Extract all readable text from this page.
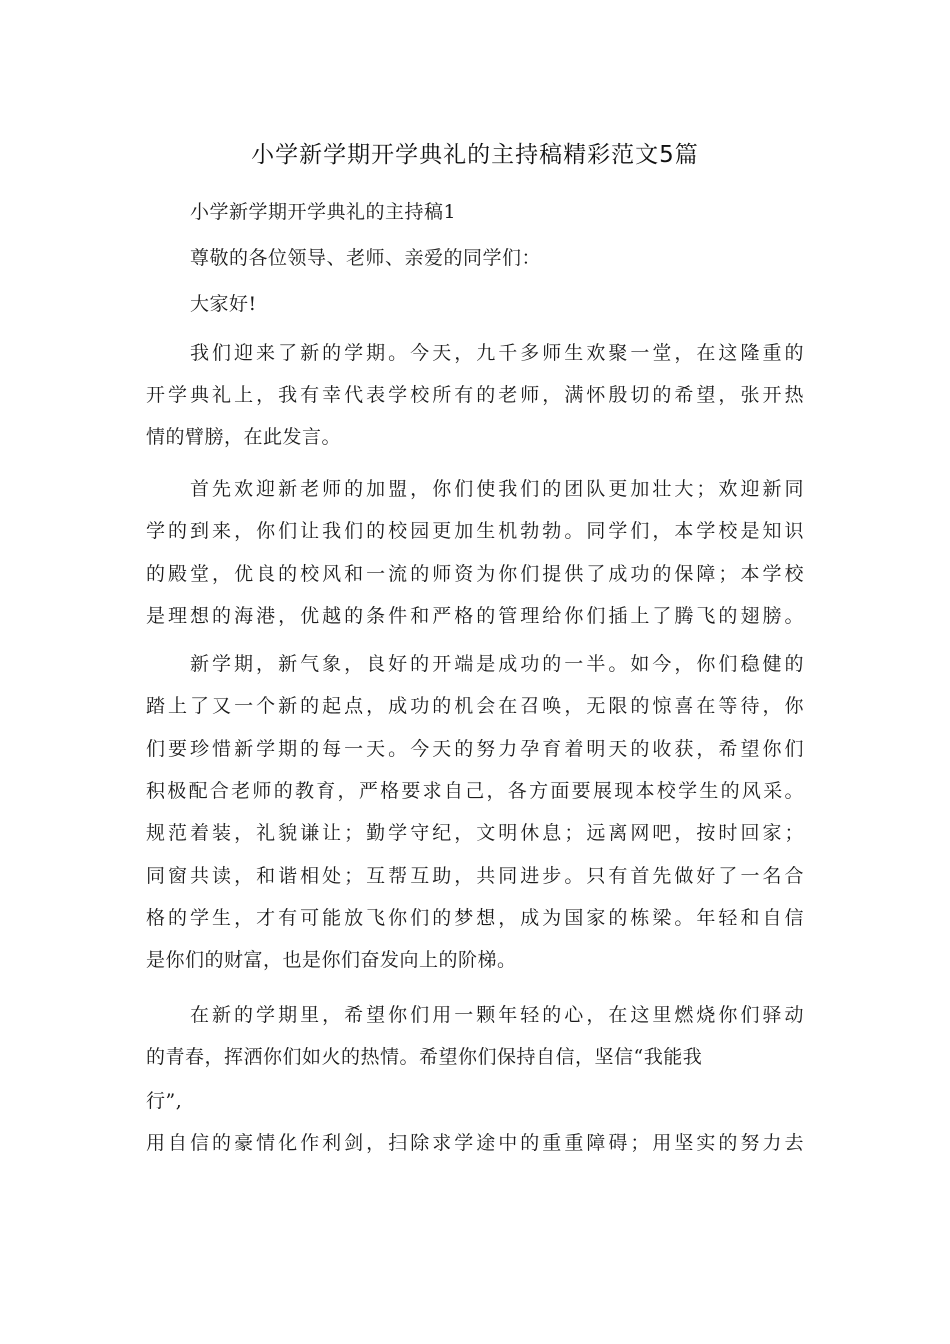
小学新学期开学典礼的主持稿精彩范文5篇
小学新学期开学典礼的主持稿1
尊敬的各位领导、老师、亲爱的同学们：
大家好!
我们迎来了新的学期。今天，九千多师生欢聚一堂，在这隆重的
开学典礼上，我有幸代表学校所有的老师，满怀殷切的希望，张开热
情的臂膀，在此发言。
首先欢迎新老师的加盟，你们使我们的团队更加壮大；欢迎新同
学的到来，你们让我们的校园更加生机勃勃。同学们，本学校是知识
的殿堂，优良的校风和一流的师资为你们提供了成功的保障；本学校
是理想的海港，优越的条件和严格的管理给你们插上了腾飞的翅膀。
新学期，新气象，良好的开端是成功的一半。如今，你们稳健的
踏上了又一个新的起点，成功的机会在召唤，无限的惊喜在等待，你
们要珍惜新学期的每一天。今天的努力孕育着明天的收获，希望你们
积极配合老师的教育，严格要求自己，各方面要展现本校学生的风采。
规范着装，礼貌谦让；勤学守纪，文明休息；远离网吧，按时回家；
同窗共读，和谐相处；互帮互助，共同进步。只有首先做好了一名合
格的学生，才有可能放飞你们的梦想，成为国家的栋梁。年轻和自信
是你们的财富，也是你们奋发向上的阶梯。
在新的学期里，希望你们用一颗年轻的心，在这里燃烧你们驿动
的青春，挥洒你们如火的热情。希望你们保持自信，坚信“我能我
行”,
用自信的豪情化作利剑，扫除求学途中的重重障碍；用坚实的努力去
